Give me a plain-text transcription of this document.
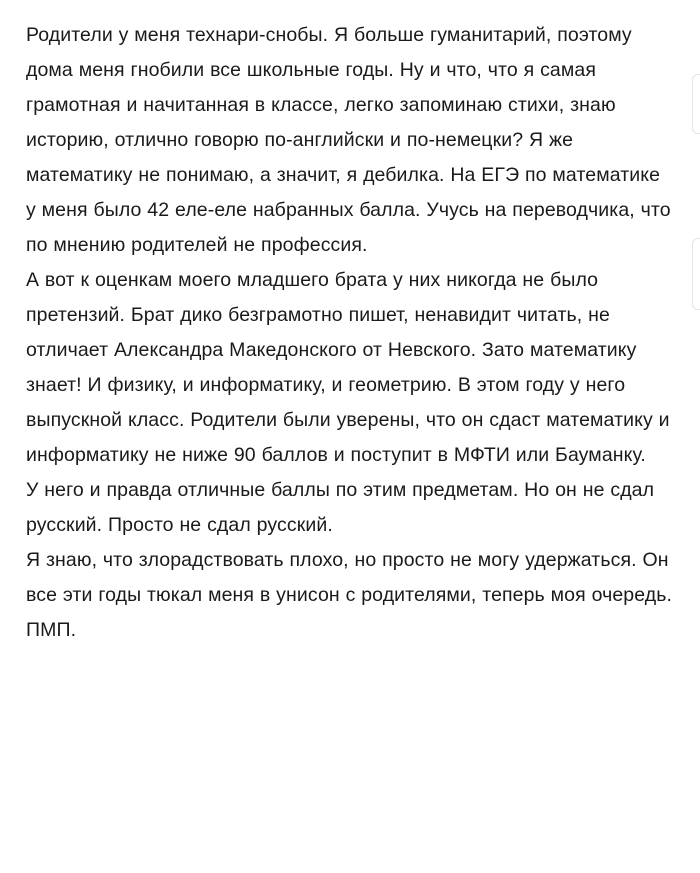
Родители у меня технари-снобы. Я больше гуманитарий, поэтому дома меня гнобили все школьные годы. Ну и что, что я самая грамотная и начитанная в классе, легко запоминаю стихи, знаю историю, отлично говорю по-английски и по-немецки? Я же математику не понимаю, а значит, я дебилка. На ЕГЭ по математике у меня было 42 еле-еле набранных балла. Учусь на переводчика, что по мнению родителей не профессия.

А вот к оценкам моего младшего брата у них никогда не было претензий. Брат дико безграмотно пишет, ненавидит читать, не отличает Александра Македонского от Невского. Зато математику знает! И физику, и информатику, и геометрию. В этом году у него выпускной класс. Родители были уверены, что он сдаст математику и информатику не ниже 90 баллов и поступит в МФТИ или Бауманку.

У него и правда отличные баллы по этим предметам. Но он не сдал русский. Просто не сдал русский.

Я знаю, что злорадствовать плохо, но просто не могу удержаться. Он все эти годы тюкал меня в унисон с родителями, теперь моя очередь. ПМП.
